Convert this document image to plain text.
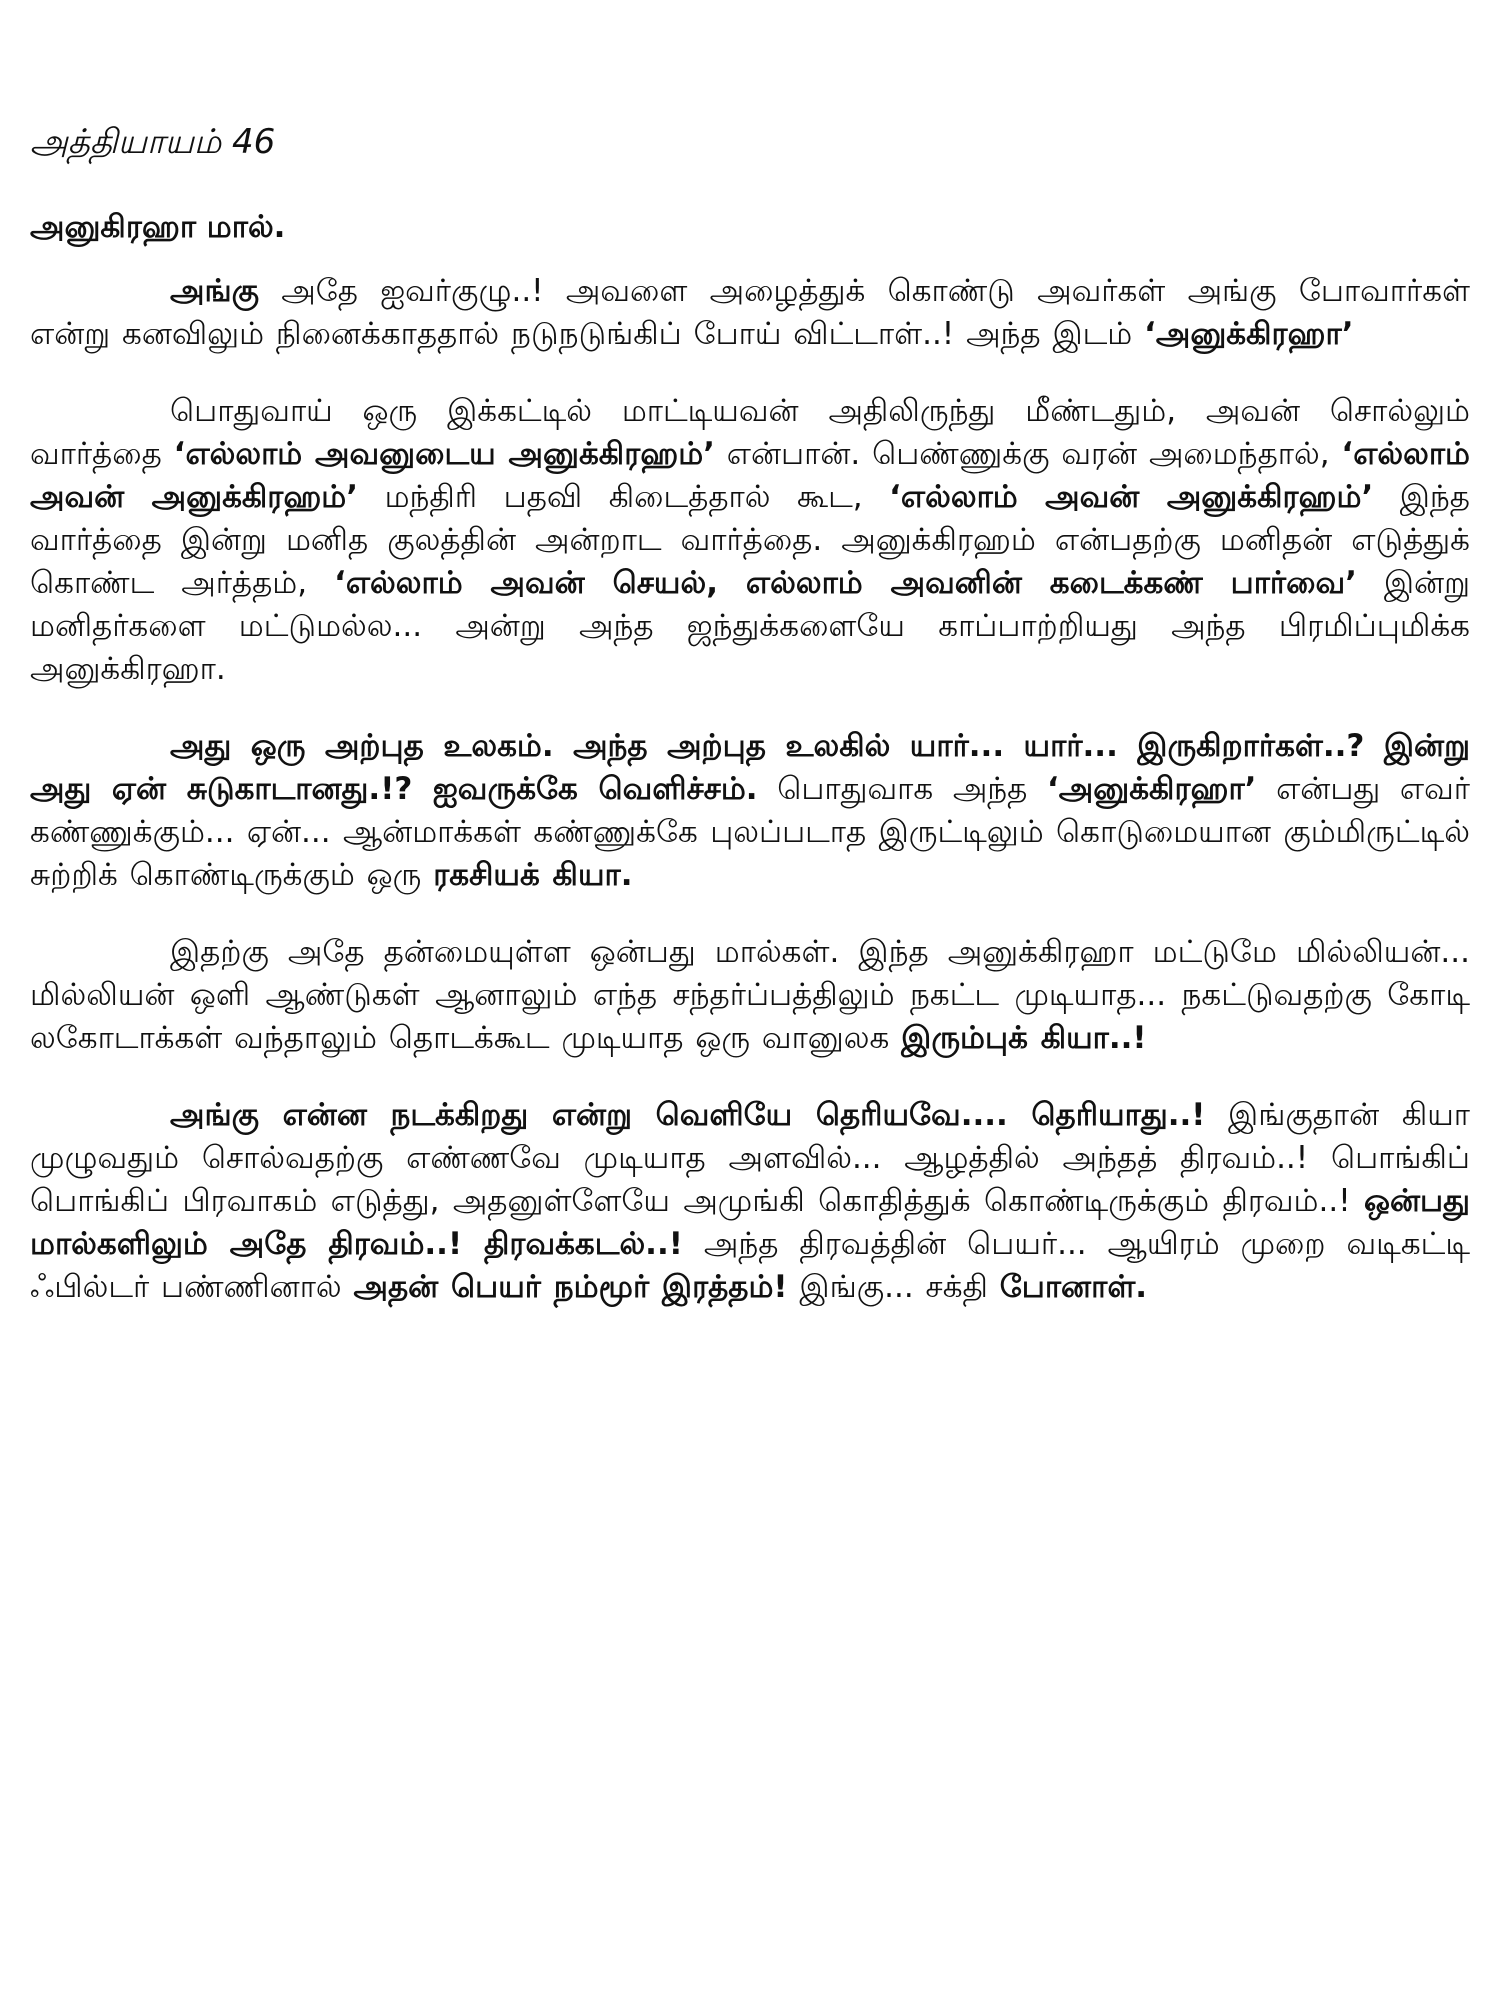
அத்தியாயம் 46
அனுகிரஹா மால்.

அங்கு அதே ஐவர்குழு..! அவளை அழைத்துக் கொண்டு அவர்கள் அங்கு போவார்கள் என்று கனவிலும் நினைக்காததால் நடுநடுங்கிப் போய் விட்டாள்..! அந்த இடம் ‘அனுக்கிரஹா’

பொதுவாய் ஒரு இக்கட்டில் மாட்டியவன் அதிலிருந்து மீண்டதும், அவன் சொல்லும் வார்த்தை ‘எல்லாம் அவனுடைய அனுக்கிரஹம்’ என்பான். பெண்ணுக்கு வரன் அமைந்தால், ‘எல்லாம் அவன் அனுக்கிரஹம்’ மந்திரி பதவி கிடைத்தால் கூட, ‘எல்லாம் அவன் அனுக்கிரஹம்’ இந்த வார்த்தை இன்று மனித குலத்தின் அன்றாட வார்த்தை. அனுக்கிரஹம் என்பதற்கு மனிதன் எடுத்துக் கொண்ட அர்த்தம், ‘எல்லாம் அவன் செயல், எல்லாம் அவனின் கடைக்கண் பார்வை’ இன்று மனிதர்களை மட்டுமல்ல... அன்று அந்த ஜந்துக்களையே காப்பாற்றியது அந்த பிரமிப்புமிக்க அனுக்கிரஹா.

அது ஒரு அற்புத உலகம். அந்த அற்புத உலகில் யார்... யார்... இருகிறார்கள்..? இன்று அது ஏன் சுடுகாடானது.!? ஐவருக்கே வெளிச்சம். பொதுவாக அந்த ‘அனுக்கிரஹா’ என்பது எவர் கண்ணுக்கும்... ஏன்... ஆன்மாக்கள் கண்ணுக்கே புலப்படாத இருட்டிலும் கொடுமையான கும்மிருட்டில் சுற்றிக் கொண்டிருக்கும் ஒரு ரகசியக் கியா.

இதற்கு அதே தன்மையுள்ள ஒன்பது மால்கள். இந்த அனுக்கிரஹா மட்டுமே மில்லியன்... மில்லியன் ஒளி ஆண்டுகள் ஆனாலும் எந்த சந்தர்ப்பத்திலும் நகட்ட முடியாத... நகட்டுவதற்கு கோடி லகோடாக்கள் வந்தாலும் தொடக்கூட முடியாத ஒரு வானுலக இரும்புக் கியா..!

அங்கு என்ன நடக்கிறது என்று வெளியே தெரியவே.... தெரியாது..! இங்குதான் கியா முழுவதும் சொல்வதற்கு எண்ணவே முடியாத அளவில்... ஆழத்தில் அந்தத் திரவம்..! பொங்கிப் பொங்கிப் பிரவாகம் எடுத்து, அதனுள்ளேயே அமுங்கி கொதித்துக் கொண்டிருக்கும் திரவம்..! ஒன்பது மால்களிலும் அதே திரவம்..! திரவக்கடல்..! அந்த திரவத்தின் பெயர்... ஆயிரம் முறை வடிகட்டி ஃபில்டர் பண்ணினால் அதன் பெயர் நம்மூர் இரத்தம்! இங்கு... சக்தி போனாள்.
